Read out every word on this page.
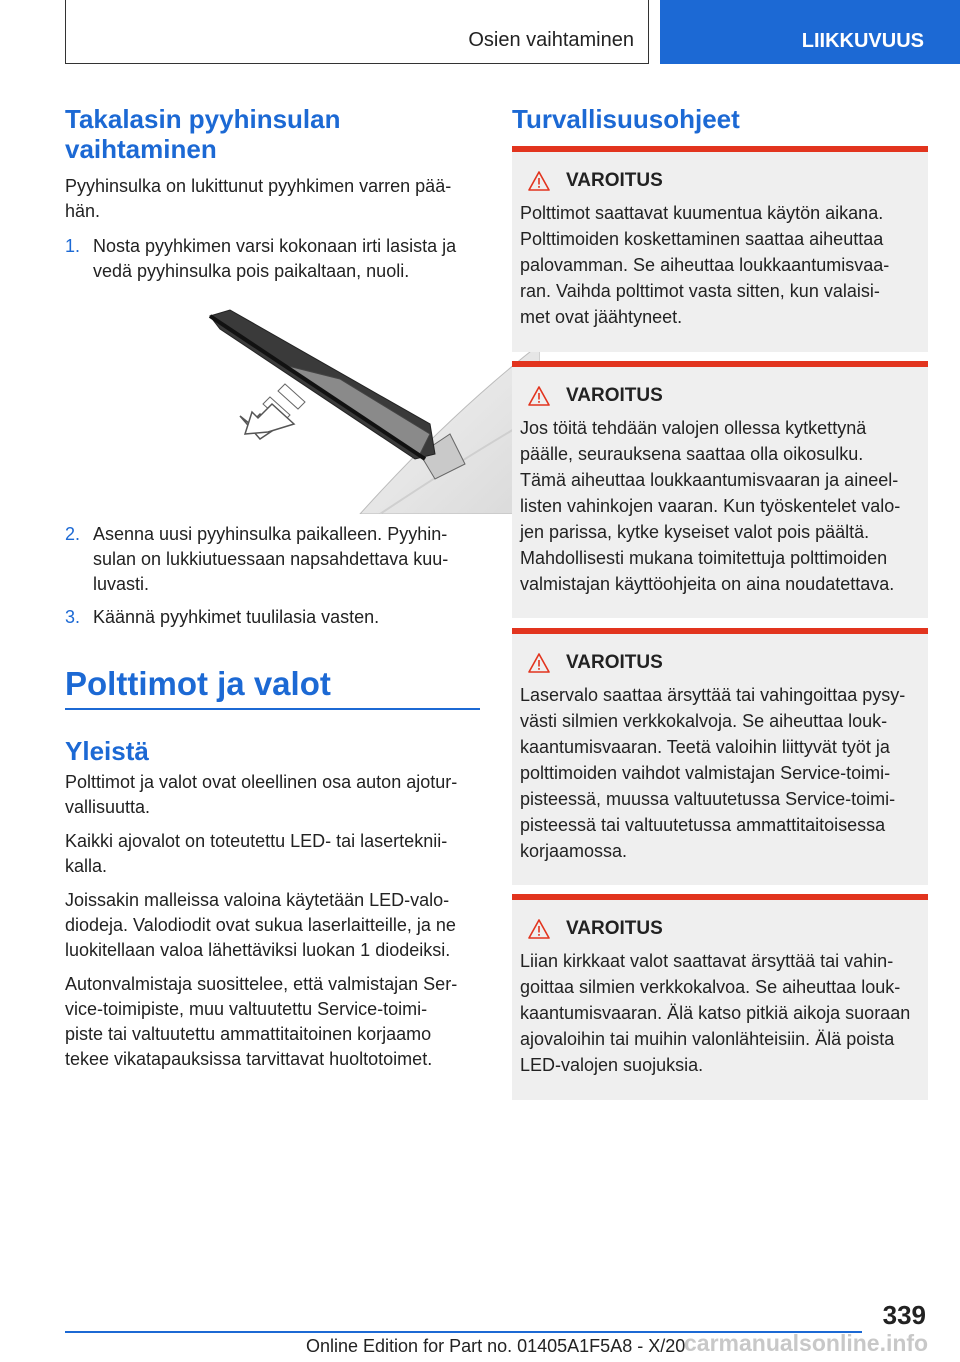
Osien vaihtaminen	LIIKKUVUUS
Takalasin pyyhinsulan
vaihtaminen

Pyyhinsulka on lukittunut pyyhkimen varren pää-
hän.

1. Nosta pyyhkimen varsi kokonaan irti lasista ja
vedä pyyhinsulka pois paikaltaan, nuoli.
2. Asenna uusi pyyhinsulka paikalleen. Pyyhin-
sulan on lukkiutuessaan napsahdettava kuu-
luvasti.
3. Käännä pyyhkimet tuulilasia vasten.
Polttimot ja valot
Yleistä

Polttimot ja valot ovat oleellinen osa auton ajotur-
vallisuutta.

Kaikki ajovalot on toteutettu LED- tai laserteknii-
kalla.

Joissakin malleissa valoina käytetään LED-valo-
diodeja. Valodiodit ovat sukua laserlaitteille, ja ne
luokitellaan valoa lähettäviksi luokan 1 diodeiksi.

Autonvalmistaja suosittelee, että valmistajan Ser-
vice-toimipiste, muu valtuutettu Service-toimi-
piste tai valtuutettu ammattitaitoinen korjaamo
tekee vikatapauksissa tarvittavat huoltotoimet.

Turvallisuusohjeet
VAROITUS
Polttimot saattavat kuumentua käytön aikana.
Polttimoiden koskettaminen saattaa aiheuttaa
palovamman. Se aiheuttaa loukkaantumisvaa-
ran. Vaihda polttimot vasta sitten, kun valaisi-
met ovat jäähtyneet.
VAROITUS
Jos töitä tehdään valojen ollessa kytkettynä
päälle, seurauksena saattaa olla oikosulku.
Tämä aiheuttaa loukkaantumisvaaran ja aineel-
listen vahinkojen vaaran. Kun työskentelet valo-
jen parissa, kytke kyseiset valot pois päältä.
Mahdollisesti mukana toimitettuja polttimoiden
valmistajan käyttöohjeita on aina noudatettava.
VAROITUS
Laservalo saattaa ärsyttää tai vahingoittaa pysy-
västi silmien verkkokalvoja. Se aiheuttaa louk-
kaantumisvaaran. Teetä valoihin liittyvät työt ja
polttimoiden vaihdot valmistajan Service-toimi-
pisteessä, muussa valtuutetussa Service-toimi-
pisteessä tai valtuutetussa ammattitaitoisessa
korjaamossa.
VAROITUS
Liian kirkkaat valot saattavat ärsyttää tai vahin-
goittaa silmien verkkokalvoa. Se aiheuttaa louk-
kaantumisvaaran. Älä katso pitkiä aikoja suoraan
ajovaloihin tai muihin valonlähteisiin. Älä poista
LED-valojen suojuksia.
339
Online Edition for Part no. 01405A1F5A8 - X/20
carmanualsonline.info
